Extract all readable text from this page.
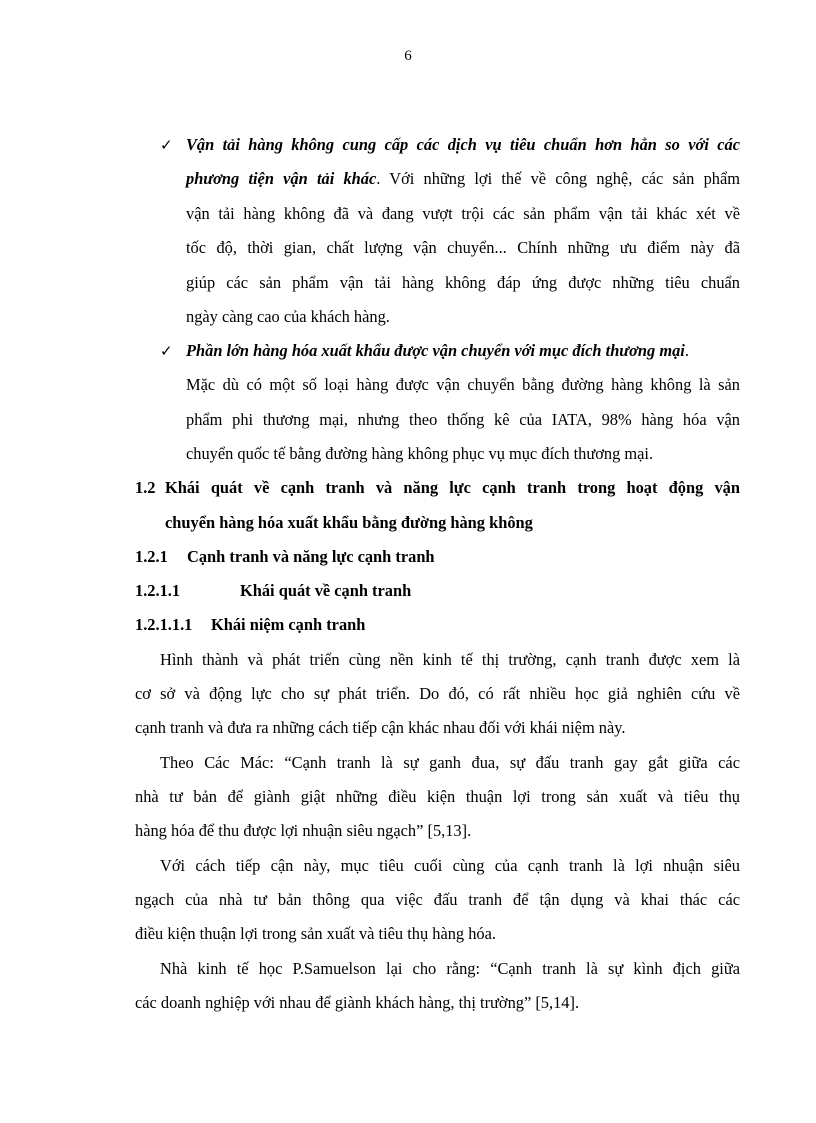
6
✓ Vận tải hàng không cung cấp các dịch vụ tiêu chuẩn hơn hẳn so với các
phương tiện vận tải khác. Với những lợi thế về công nghệ, các sản phẩm
vận tải hàng không đã và đang vượt trội các sản phẩm vận tải khác xét về
tốc độ, thời gian, chất lượng vận chuyển... Chính những ưu điểm này đã
giúp các sản phẩm vận tải hàng không đáp ứng được những tiêu chuẩn
ngày càng cao của khách hàng.
✓ Phần lớn hàng hóa xuất khẩu được vận chuyển với mục đích thương mại.
Mặc dù có một số loại hàng được vận chuyển bằng đường hàng không là sản
phẩm phi thương mại, nhưng theo thống kê của IATA, 98% hàng hóa vận
chuyển quốc tế bằng đường hàng không phục vụ mục đích thương mại.
1.2 Khái quát về cạnh tranh và năng lực cạnh tranh trong hoạt động vận
chuyển hàng hóa xuất khẩu bằng đường hàng không
1.2.1 Cạnh tranh và năng lực cạnh tranh
1.2.1.1	Khái quát về cạnh tranh
1.2.1.1.1 Khái niệm cạnh tranh
Hình thành và phát triển cùng nền kinh tế thị trường, cạnh tranh được xem là
cơ sở và động lực cho sự phát triển. Do đó, có rất nhiều học giả nghiên cứu về
cạnh tranh và đưa ra những cách tiếp cận khác nhau đối với khái niệm này.
Theo Các Mác: “Cạnh tranh là sự ganh đua, sự đấu tranh gay gắt giữa các
nhà tư bản để giành giật những điều kiện thuận lợi trong sản xuất và tiêu thụ
hàng hóa để thu được lợi nhuận siêu ngạch” [5,13].
Với cách tiếp cận này, mục tiêu cuối cùng của cạnh tranh là lợi nhuận siêu
ngạch của nhà tư bản thông qua việc đấu tranh để tận dụng và khai thác các
điều kiện thuận lợi trong sản xuất và tiêu thụ hàng hóa.
Nhà kinh tế học P.Samuelson lại cho rằng: “Cạnh tranh là sự kình địch giữa
các doanh nghiệp với nhau để giành khách hàng, thị trường” [5,14].
